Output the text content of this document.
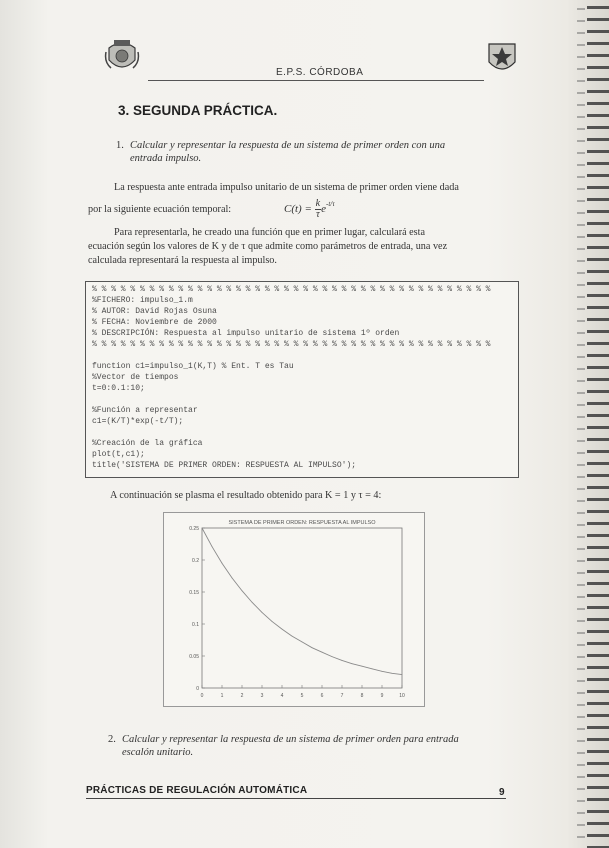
E.P.S. CÓRDOBA
3. SEGUNDA PRÁCTICA.
1. Calcular y representar la respuesta de un sistema de primer orden con una
entrada impulso.
La respuesta ante entrada impulso unitario de un sistema de primer orden viene dada
por la siguiente ecuación temporal:	$C(t) = \frac{k}{\tau}e^{-t/\tau}$
Para representarla, he creado una función que en primer lugar, calculará esta
ecuación según los valores de K y de τ que admite como parámetros de entrada, una vez
calculada representará la respuesta al impulso.
% % % % % % % % % % % % % % % % % % % % % % % % % % % % % % % % % % % % % % % % % %
%FICHERO: impulso_1.m
% AUTOR: David Rojas Osuna
% FECHA: Noviembre de 2000
% DESCRIPCIÓN: Respuesta al impulso unitario de sistema 1º orden
% % % % % % % % % % % % % % % % % % % % % % % % % % % % % % % % % % % % % % % % % %
function c1=impulso_1(K,T) % Ent. T es Tau
%Vector de tiempos
t=0:0.1:10;
%Función a representar
c1=(K/T)*exp(-t/T);
%Creación de la gráfica
plot(t,c1);
title('SISTEMA DE PRIMER ORDEN: RESPUESTA AL IMPULSO');
A continuación se plasma el resultado obtenido para K = 1 y τ = 4:
SISTEMA DE PRIMER ORDEN: RESPUESTA AL IMPULSO
0
0.05
0.1
0.15
0.2
0.25
0	1	2	3	4	5	6	7	8	9	10
2. Calcular y representar la respuesta de un sistema de primer orden para entrada
escalón unitario.
PRÁCTICAS DE REGULACIÓN AUTOMÁTICA	9
